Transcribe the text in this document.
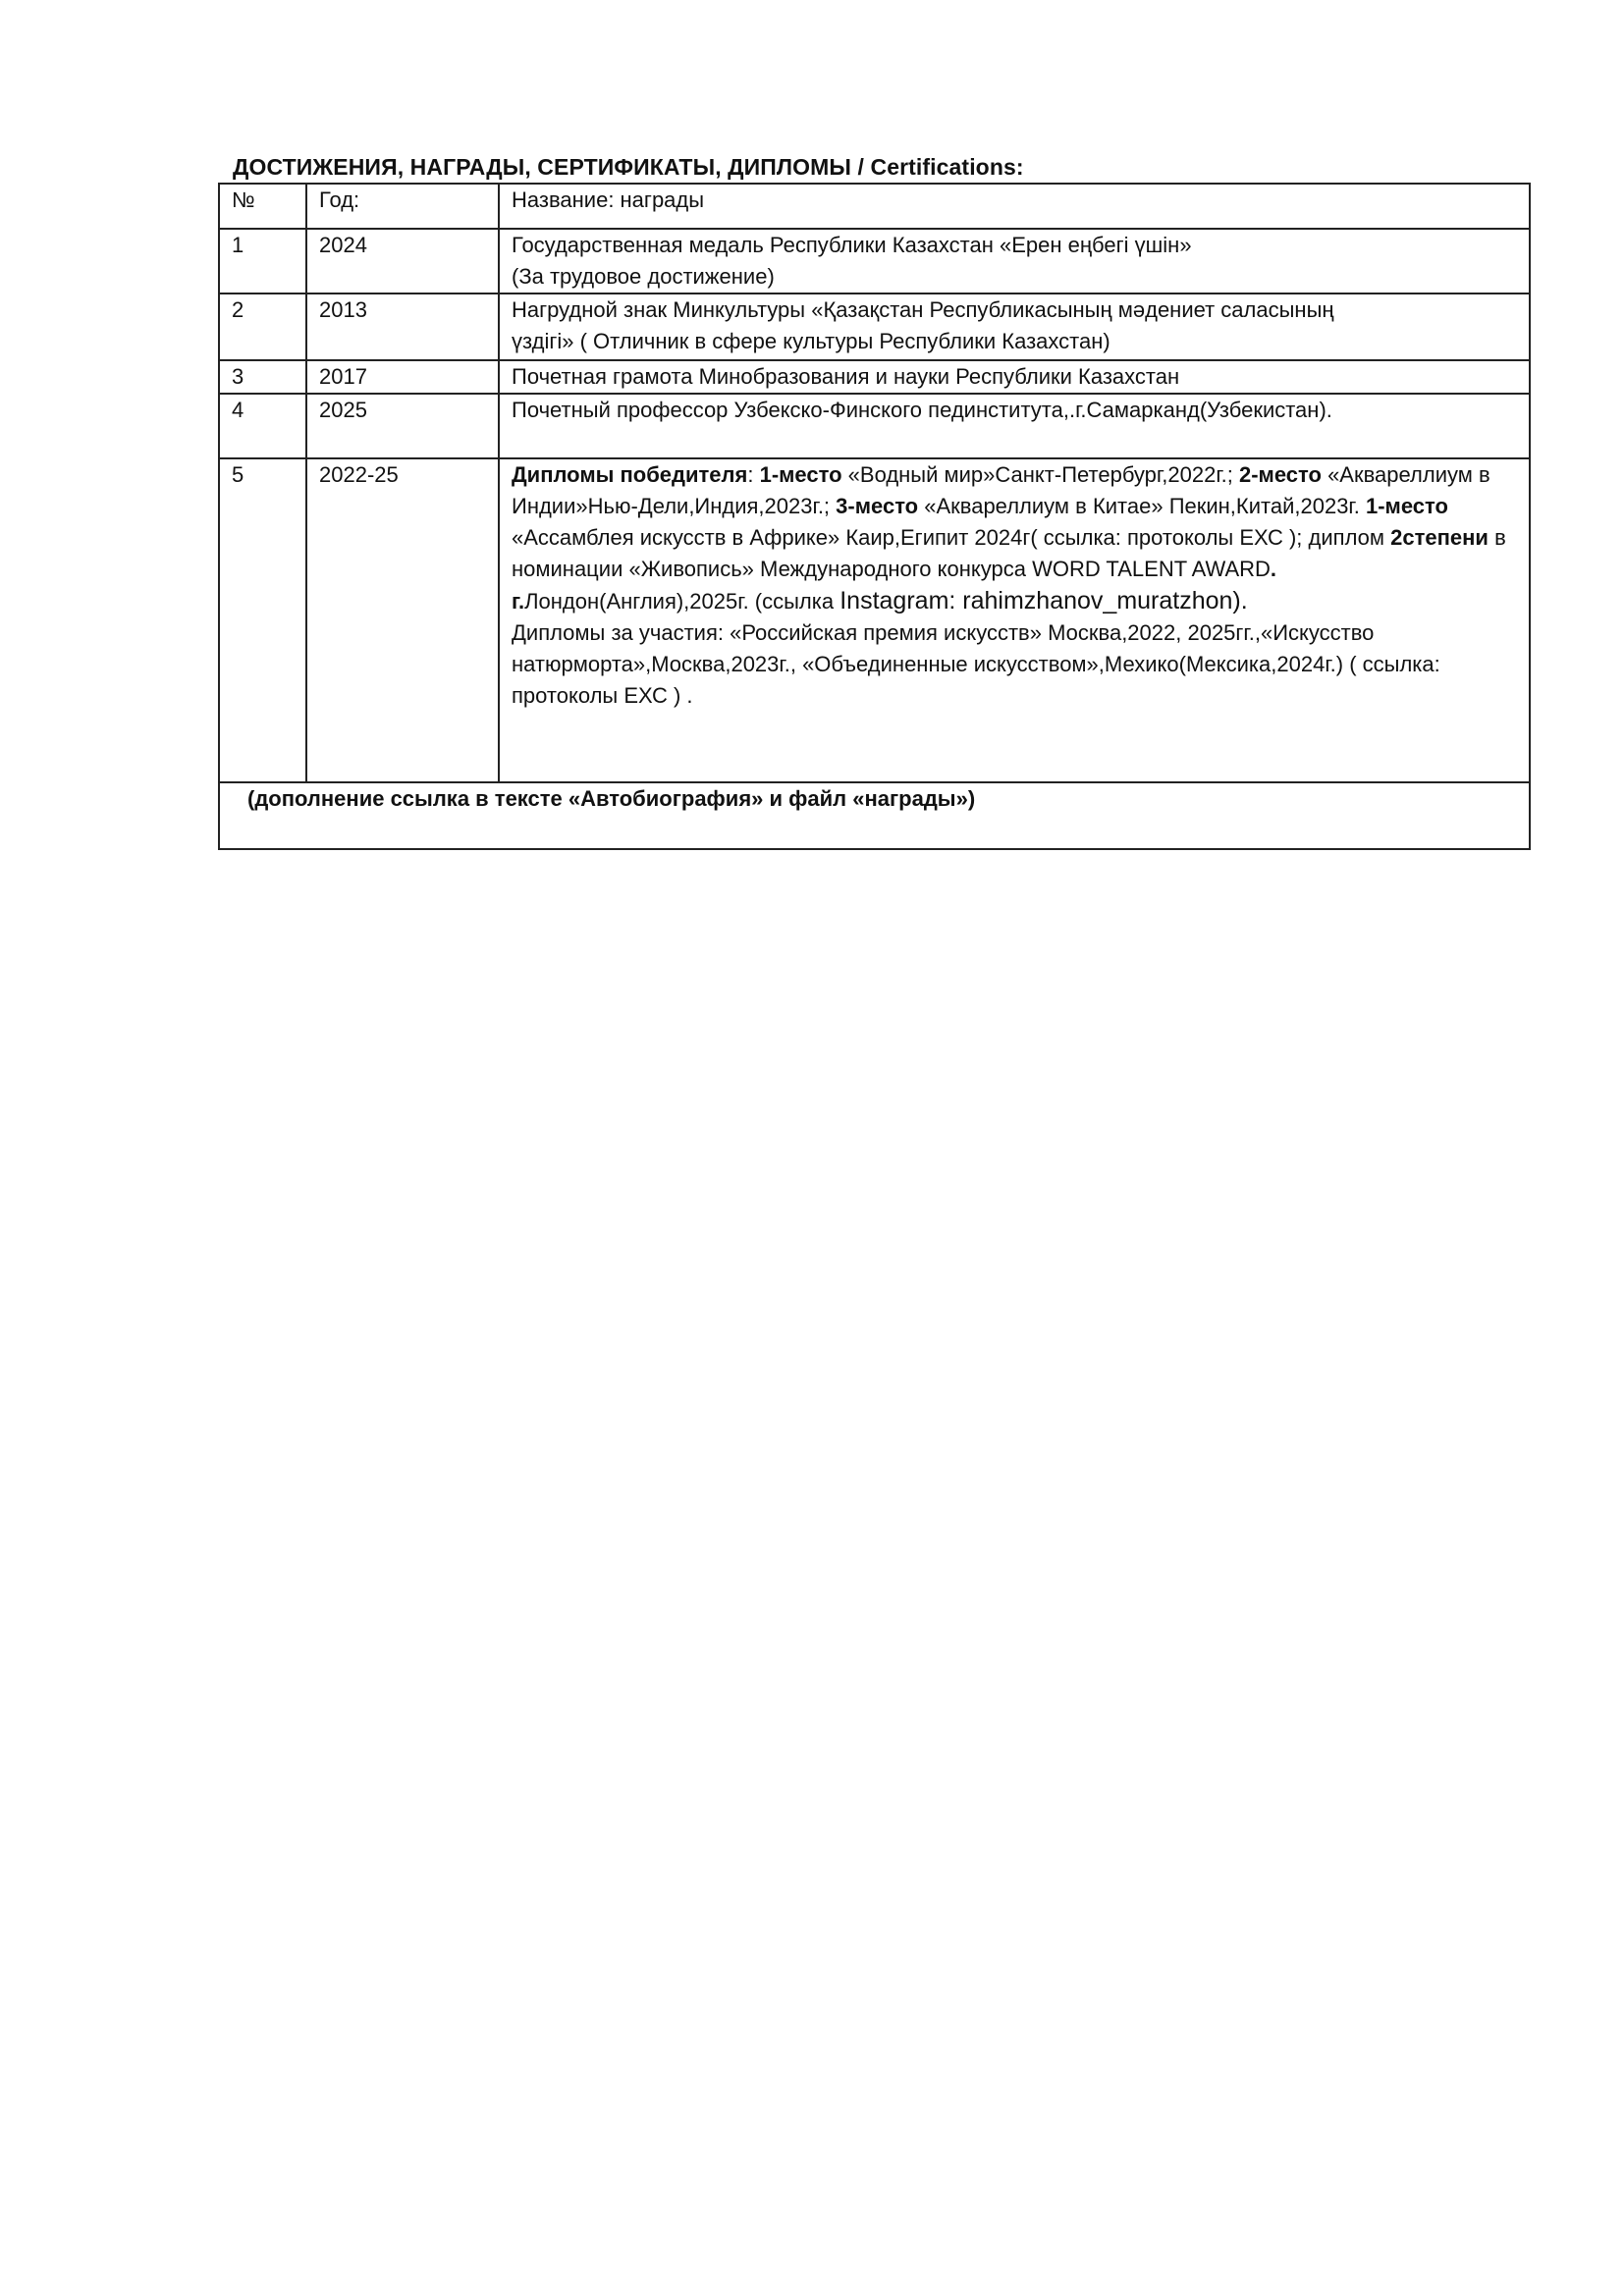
ДОСТИЖЕНИЯ, НАГРАДЫ, СЕРТИФИКАТЫ, ДИПЛОМЫ / Certifications:
№	Год:	Название: награды
1	2024	Государственная медаль Республики Казахстан «Ерен еңбегі үшін»
(За трудовое достижение)

2	2013	Нагрудной знак Минкультуры «Қазақстан Республикасының мәдениет саласының
үздігі» ( Отличник в сфере культуры Республики Казахстан)

3	2017	Почетная грамота Минобразования и науки Республики Казахстан

4	2025	Почетный профессор Узбекско-Финского пединститута,.г.Самарканд(Узбекистан).

5	2022-25	Дипломы победителя: 1-место «Водный мир»Санкт-Петербург,2022г.; 2-место «Аквареллиум в Индии»Нью-Дели,Индия,2023г.; 3-место «Аквареллиум в Китае» Пекин,Китай,2023г. 1-место «Ассамблея искусств в Африке» Каир,Египит 2024г( ссылка: протоколы ЕХС ); диплом 2степени в номинации «Живопись» Международного конкурса WORD TALENT AWARD. г.Лондон(Англия),2025г. (ссылка Instagram: rahimzhanov_muratzhon).
Дипломы за участия: «Российская премия искусств» Москва,2022, 2025гг.,«Искусство натюрморта»,Москва,2023г., «Объединенные искусством»,Мехико(Мексика,2024г.) ( ссылка: протоколы ЕХС ) .

(дополнение ссылка в тексте «Автобиография» и файл «награды»)		
